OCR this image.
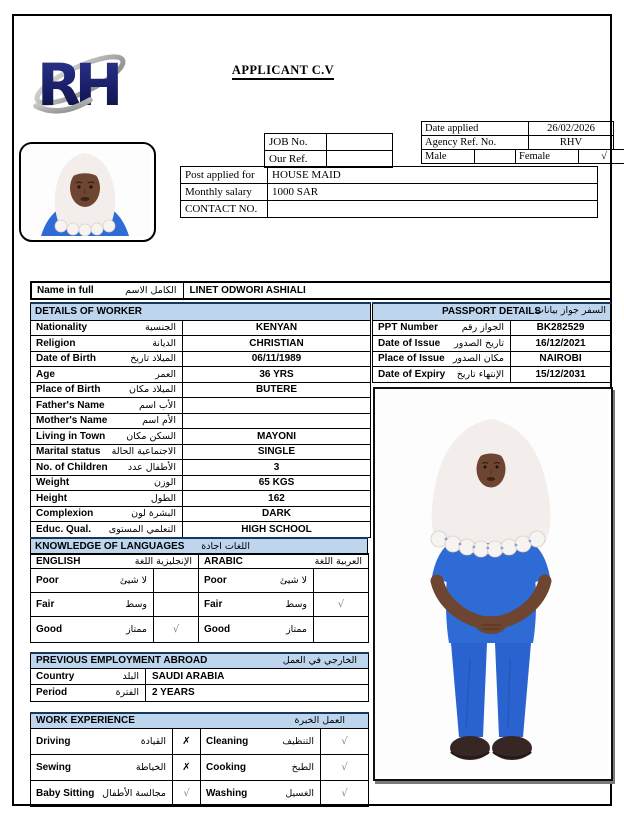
RH	APPLICANT C.V
JOB No.	
Our Ref.	
Date applied	26/02/2026
Agency Ref. No.	RHV
Male		Female	√
Post applied for	HOUSE MAID
Monthly salary	1000 SAR
CONTACT NO.	
Name in full	الكامل الاسم	LINET ODWORI ASHIALI
DETAILS OF WORKER	

Nationality الجنسية	KENYAN

Religion الديانة	CHRISTIAN

Date of Birth الميلاد تاريخ	06/11/1989

Age العمر	36 YRS

Place of Birth الميلاد مكان	BUTERE

Father's Name الأب اسم	

Mother's Name الأم اسم	

Living in Town السكن مكان	MAYONI

Marital status الاجتماعية الحالة	SINGLE

No. of Children الأطفال عدد	3

Weight الوزن	65 KGS

Height الطول	162

Complexion البشرة لون	DARK

Educ. Qual. التعلمي المستوى	HIGH SCHOOL
PASSPORT DETAILS
السفر جواز بيانات	

PPT Number الجواز رقم	BK282529

Date of Issue تاريخ الصدور	16/12/2021

Place of Issue مكان الصدور	NAIROBI

Date of Expiry الإنتهاء تاريخ	15/12/2031
KNOWLEDGE OF LANGUAGES اللغات اجادة
ENGLISH الإنجليزية اللغة	

Poor لا شيئ	

Fair وسط	

Good ممتاز	√
ARABIC العربية اللغة	

Poor لا شيئ	

Fair وسط	√

Good ممتاز	

PREVIOUS EMPLOYMENT ABROAD الخارجي في العمل	

Country البلد	SAUDI ARABIA

Period الفترة	2 YEARS
WORK EXPERIENCE العمل الخبرة			

Driving القيادة	✗	Cleaning التنظيف	√

Sewing الخياطة	✗	Cooking الطبخ	√

Baby Sitting مجالسة الأطفال	√	Washing الغسيل	√
